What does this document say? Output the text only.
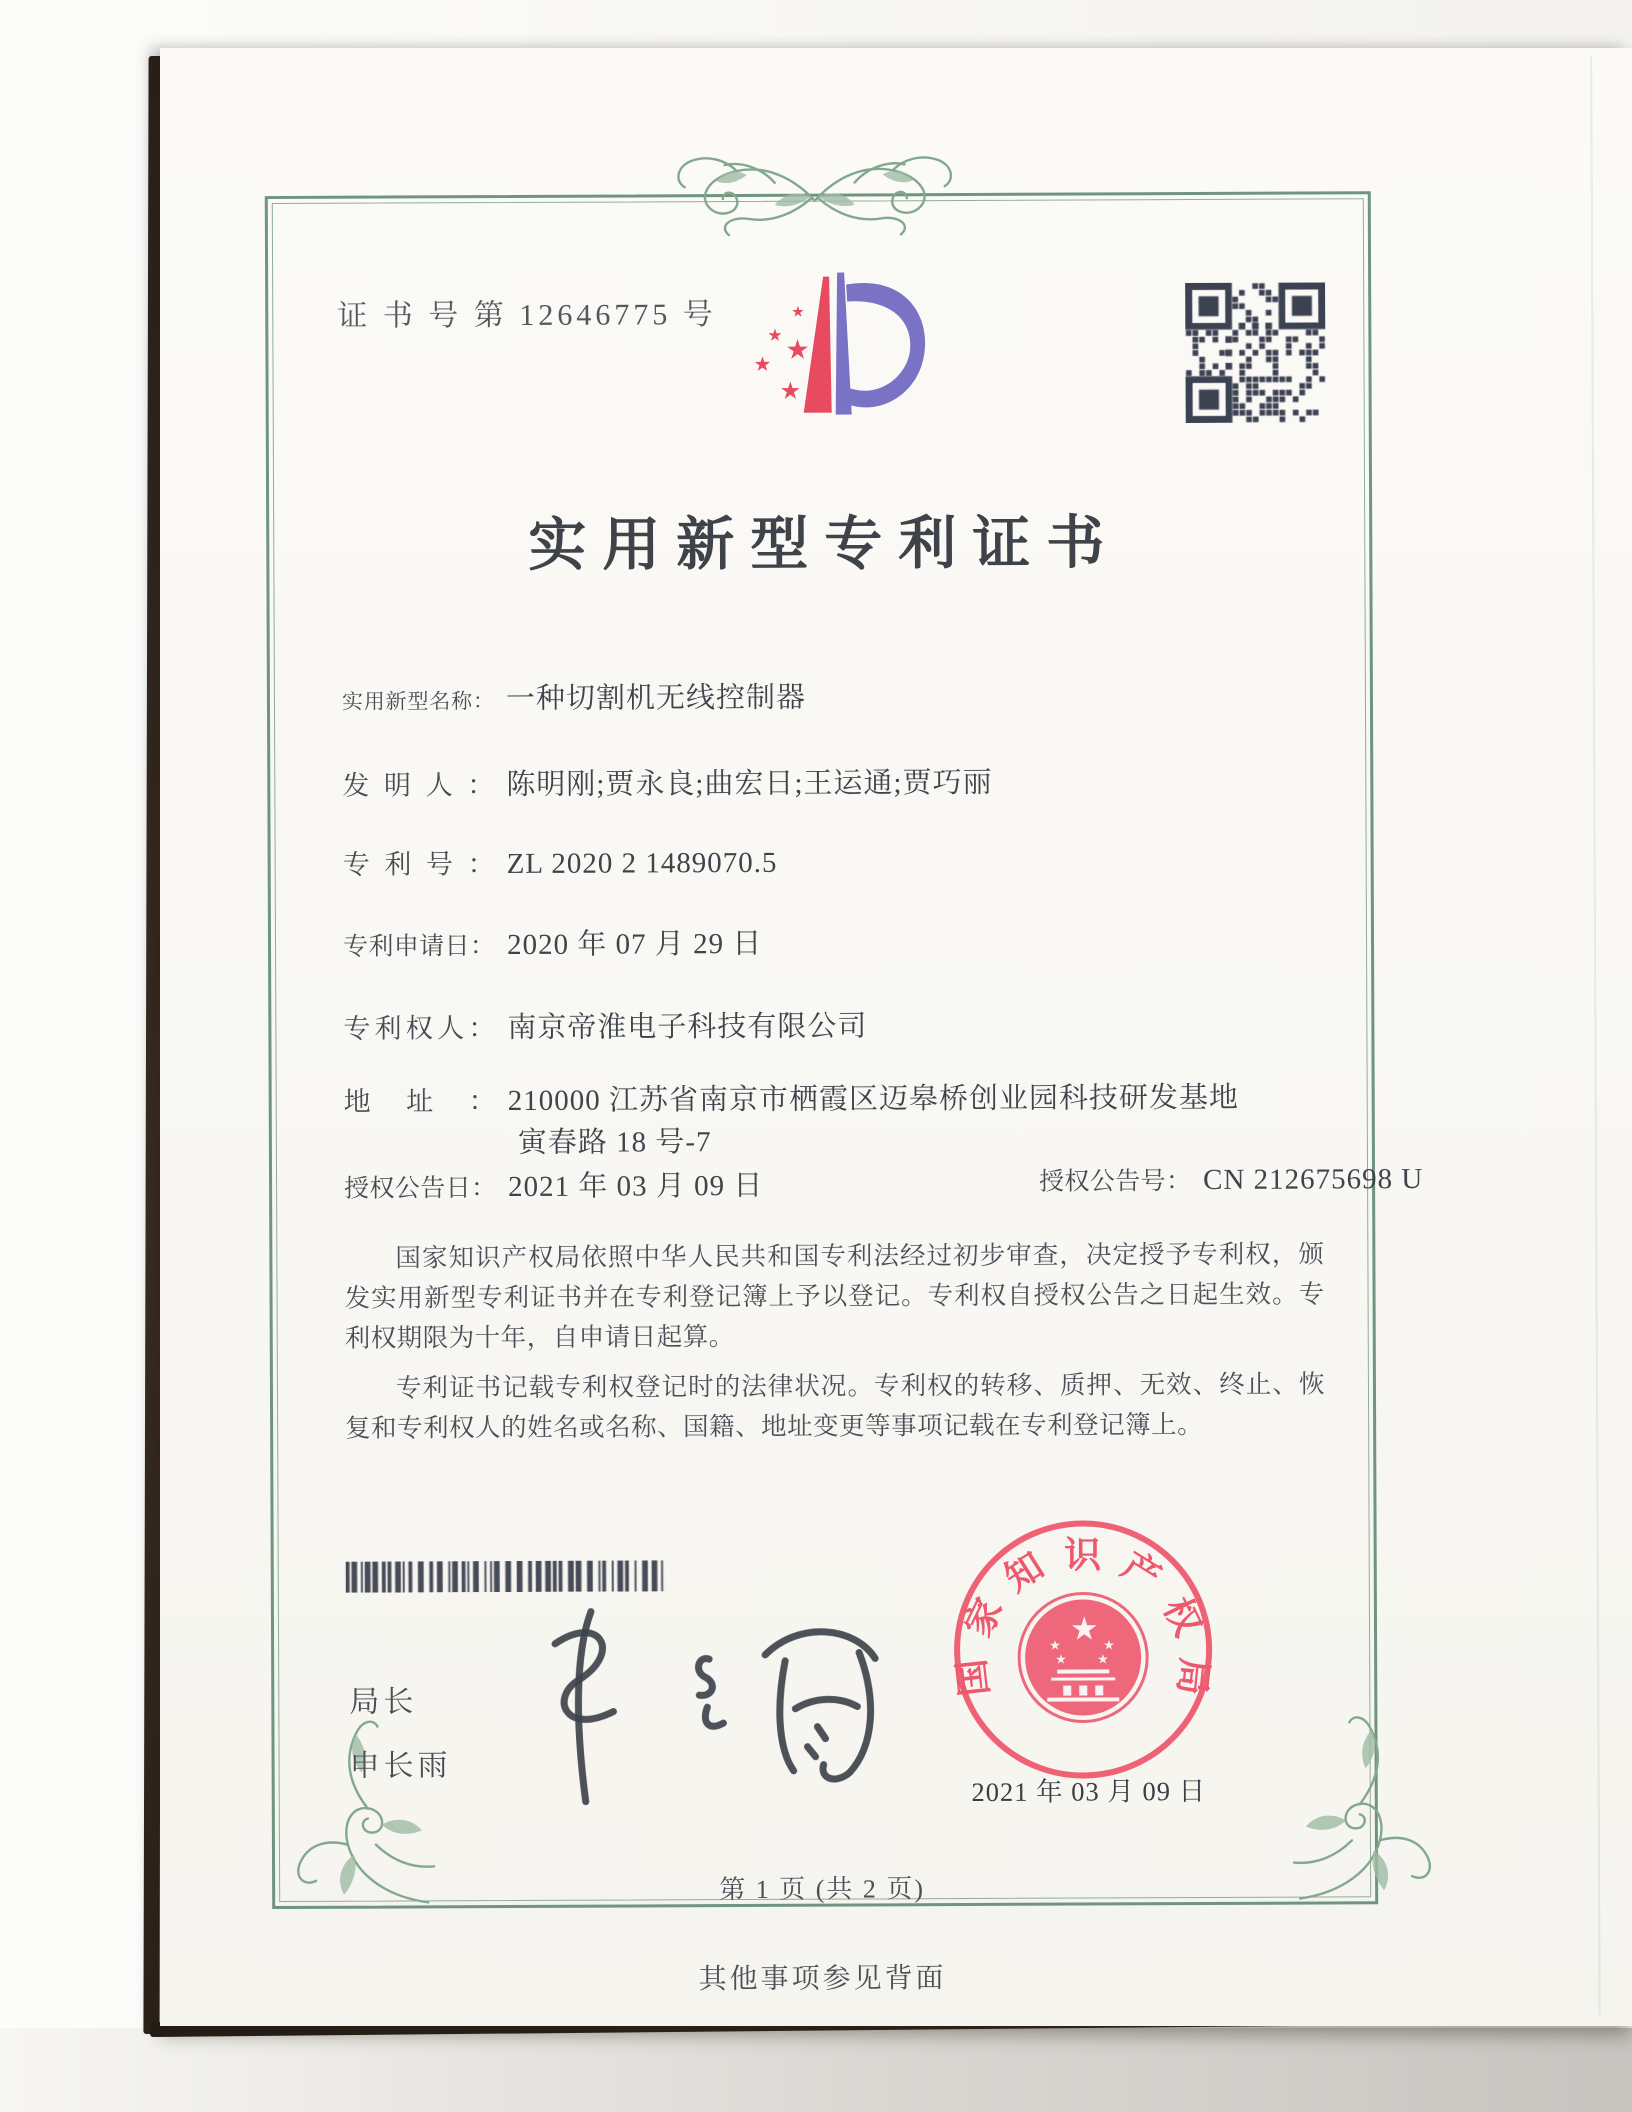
证 书 号 第 12646775 号	★
★ ★
★
★
实用新型专利证书
实用新型名称： 一种切割机无线控制器
发明人： 陈明刚;贾永良;曲宏日;王运通;贾巧丽
专利号： ZL 2020 2 1489070.5
专利申请日： 2020 年 07 月 29 日
专利权人： 南京帝淮电子科技有限公司
地址： 210000 江苏省南京市栖霞区迈皋桥创业园科技研发基地
寅春路 18 号-7
授权公告日： 2021 年 03 月 09 日	授权公告号： CN 212675698 U

国家知识产权局依照中华人民共和国专利法经过初步审查，决定授予专利权，颁发实用新型专利证书并在专利登记簿上予以登记。专利权自授权公告之日起生效。专利权期限为十年，自申请日起算。

专利证书记载专利权登记时的法律状况。专利权的转移、质押、无效、终止、恢复和专利权人的姓名或名称、国籍、地址变更等事项记载在专利登记簿上。

局长
申长雨
★
★	★
★ ★
国
家
知 识 产
权
局
2021 年 03 月 09 日
第 1 页 (共 2 页)
其他事项参见背面
